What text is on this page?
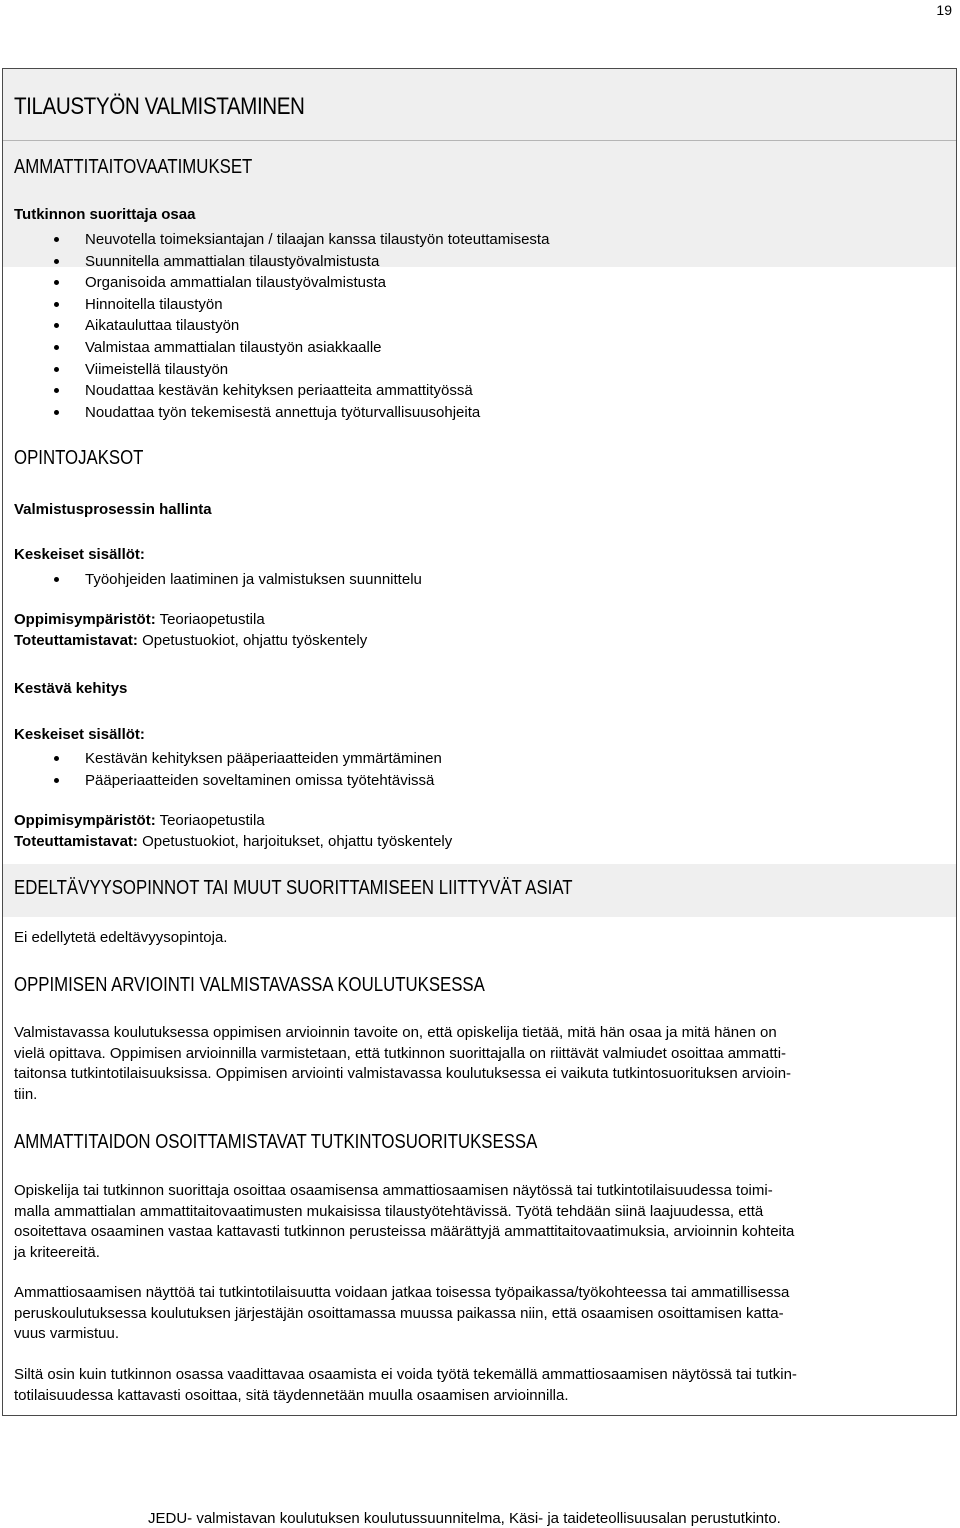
19
TILAUSTYÖN VALMISTAMINEN
AMMATTITAITOVAATIMUKSET
Tutkinnon suorittaja osaa
Neuvotella toimeksiantajan / tilaajan kanssa tilaustyön toteuttamisesta
Suunnitella ammattialan tilaustyövalmistusta
Organisoida ammattialan tilaustyövalmistusta
Hinnoitella tilaustyön
Aikatauluttaa tilaustyön
Valmistaa ammattialan tilaustyön asiakkaalle
Viimeistellä tilaustyön
Noudattaa kestävän kehityksen periaatteita ammattityössä
Noudattaa työn tekemisestä annettuja työturvallisuusohjeita
OPINTOJAKSOT
Valmistusprosessin hallinta
Keskeiset sisällöt:
Työohjeiden laatiminen ja valmistuksen suunnittelu
Oppimisympäristöt: Teoriaopetustila
Toteuttamistavat: Opetustuokiot, ohjattu työskentely
Kestävä kehitys
Keskeiset sisällöt:
Kestävän kehityksen pääperiaatteiden ymmärtäminen
Pääperiaatteiden soveltaminen omissa työtehtävissä
Oppimisympäristöt: Teoriaopetustila
Toteuttamistavat: Opetustuokiot, harjoitukset, ohjattu työskentely
EDELTÄVYYSOPINNOT TAI MUUT SUORITTAMISEEN LIITTYVÄT ASIAT
Ei edellytetä edeltävyysopintoja.
OPPIMISEN ARVIOINTI VALMISTAVASSA KOULUTUKSESSA
Valmistavassa koulutuksessa oppimisen arvioinnin tavoite on, että opiskelija tietää, mitä hän osaa ja mitä hänen on
vielä opittava. Oppimisen arvioinnilla varmistetaan, että tutkinnon suorittajalla on riittävät valmiudet osoittaa ammatti-
taitonsa tutkintotilaisuuksissa. Oppimisen arviointi valmistavassa koulutuksessa ei vaikuta tutkintosuorituksen arvioin-
tiin.
AMMATTITAIDON OSOITTAMISTAVAT TUTKINTOSUORITUKSESSA
Opiskelija tai tutkinnon suorittaja osoittaa osaamisensa ammattiosaamisen näytössä tai tutkintotilaisuudessa toimi-
malla ammattialan ammattitaitovaatimusten mukaisissa tilaustyötehtävissä. Työtä tehdään siinä laajuudessa, että
osoitettava osaaminen vastaa kattavasti tutkinnon perusteissa määrättyjä ammattitaitovaatimuksia, arvioinnin kohteita
ja kriteereitä.
Ammattiosaamisen näyttöä tai tutkintotilaisuutta voidaan jatkaa toisessa työpaikassa/työkohteessa tai ammatillisessa
peruskoulutuksessa koulutuksen järjestäjän osoittamassa muussa paikassa niin, että osaamisen osoittamisen katta-
vuus varmistuu.
Siltä osin kuin tutkinnon osassa vaadittavaa osaamista ei voida työtä tekemällä ammattiosaamisen näytössä tai tutkin-
totilaisuudessa kattavasti osoittaa, sitä täydennetään muulla osaamisen arvioinnilla.
JEDU- valmistavan koulutuksen koulutussuunnitelma, Käsi- ja taideteollisuusalan perustutkinto.
